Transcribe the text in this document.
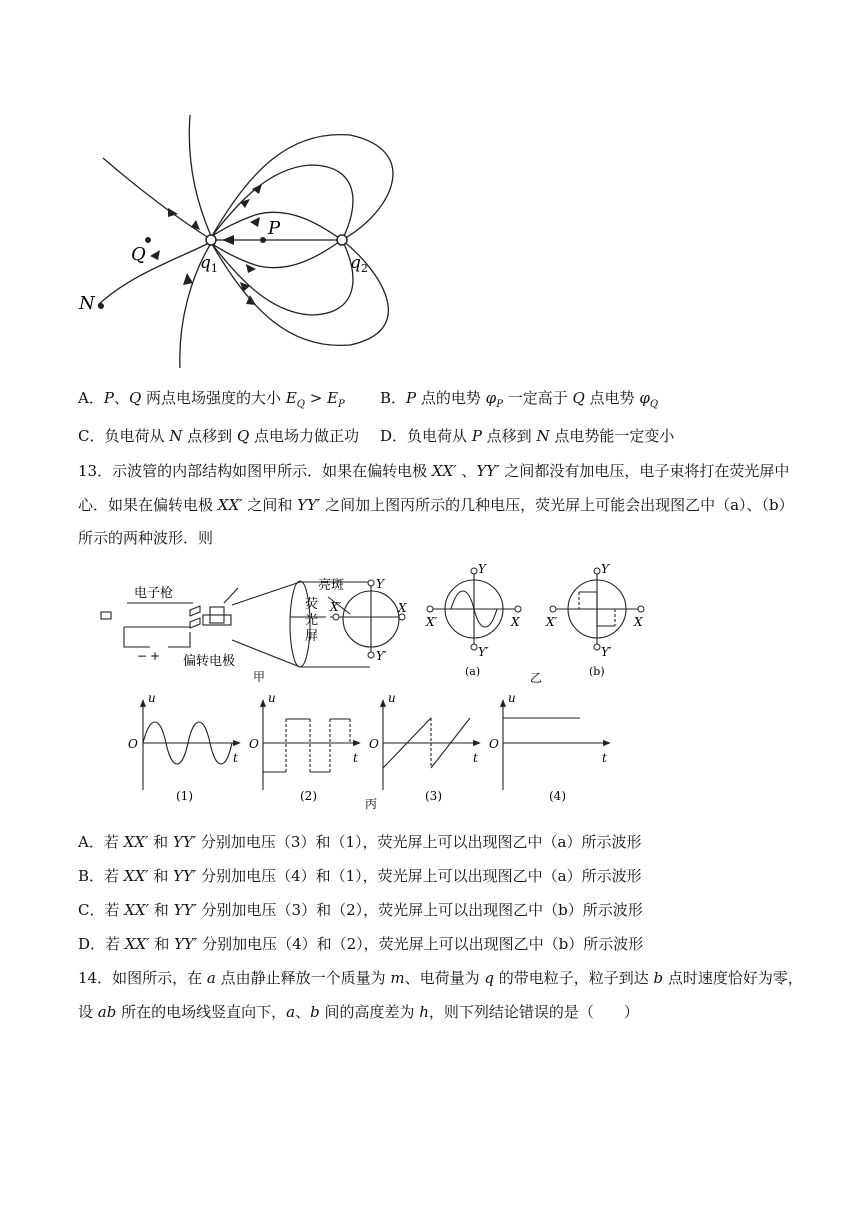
P
Q
N
$q_1$	$q_2$
A．P、Q 两点电场强度的大小 $E_Q > E_P$ B．P 点的电势 $\varphi_P$ 一定高于 Q 点电势 $\varphi_Q$
C．负电荷从 N 点移到 Q 点电场力做正功 D．负电荷从 P 点移到 N 点电势能一定变小
13．示波管的内部结构如图甲所示．如果在偏转电极 XX′ 、YY′ 之间都没有加电压，电子束将打在荧光屏中
心．如果在偏转电极 XX′ 之间和 YY′ 之间加上图丙所示的几种电压，荧光屏上可能会出现图乙中（a）、（b）
所示的两种波形．则
电子枪
亮斑
荧
光
屏
偏转电极
− +
Y
Y′
X
X′
甲
Y
Y′
X
X′
Y
Y′
X
X′
(a)	(b)
乙
u	u	u	u
t	t	t	t
O	O	O	O
(1)	(2)	(3)	(4)
丙
A．若 XX′ 和 YY′ 分别加电压（3）和（1），荧光屏上可以出现图乙中（a）所示波形
B．若 XX′ 和 YY′ 分别加电压（4）和（1），荧光屏上可以出现图乙中（a）所示波形
C．若 XX′ 和 YY′ 分别加电压（3）和（2），荧光屏上可以出现图乙中（b）所示波形
D．若 XX′ 和 YY′ 分别加电压（4）和（2），荧光屏上可以出现图乙中（b）所示波形
14．如图所示，在 a 点由静止释放一个质量为 m、电荷量为 q 的带电粒子，粒子到达 b 点时速度恰好为零，
设 ab 所在的电场线竖直向下，a、b 间的高度差为 h，则下列结论错误的是（　　）
